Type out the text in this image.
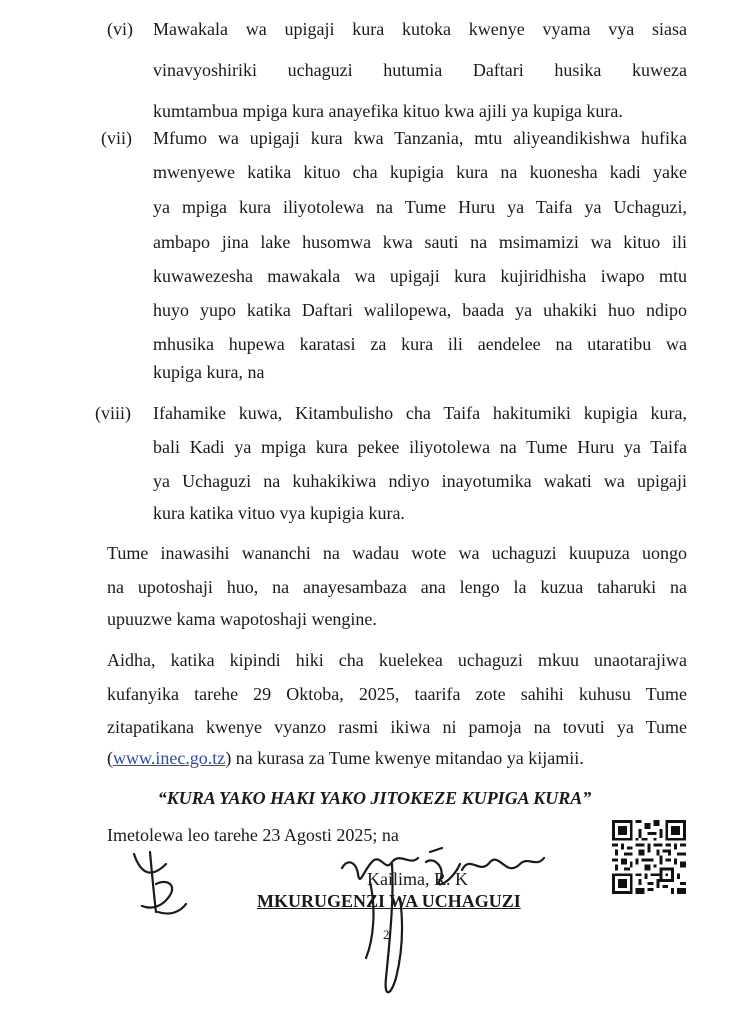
(vi) Mawakala wa upigaji kura kutoka kwenye vyama vya siasa
vinavyoshiriki uchaguzi hutumia Daftari husika kuweza
kumtambua mpiga kura anayefika kituo kwa ajili ya kupiga kura.
(vii) Mfumo wa upigaji kura kwa Tanzania, mtu aliyeandikishwa hufika
mwenyewe katika kituo cha kupigia kura na kuonesha kadi yake
ya mpiga kura iliyotolewa na Tume Huru ya Taifa ya Uchaguzi,
ambapo jina lake husomwa kwa sauti na msimamizi wa kituo ili
kuwawezesha mawakala wa upigaji kura kujiridhisha iwapo mtu
huyo yupo katika Daftari walilopewa, baada ya uhakiki huo ndipo
mhusika hupewa karatasi za kura ili aendelee na utaratibu wa
kupiga kura, na
(viii) Ifahamike kuwa, Kitambulisho cha Taifa hakitumiki kupigia kura,
bali Kadi ya mpiga kura pekee iliyotolewa na Tume Huru ya Taifa
ya Uchaguzi na kuhakikiwa ndiyo inayotumika wakati wa upigaji
kura katika vituo vya kupigia kura.
Tume inawasihi wananchi na wadau wote wa uchaguzi kuupuza uongo
na upotoshaji huo, na anayesambaza ana lengo la kuzua taharuki na
upuuzwe kama wapotoshaji wengine.
Aidha, katika kipindi hiki cha kuelekea uchaguzi mkuu unaotarajiwa
kufanyika tarehe 29 Oktoba, 2025, taarifa zote sahihi kuhusu Tume
zitapatikana kwenye vyanzo rasmi ikiwa ni pamoja na tovuti ya Tume
(www.inec.go.tz) na kurasa za Tume kwenye mitandao ya kijamii.
“KURA YAKO HAKI YAKO JITOKEZE KUPIGA KURA”
Imetolewa leo tarehe 23 Agosti 2025; na
Kailima, R. K
MKURUGENZI WA UCHAGUZI
2
